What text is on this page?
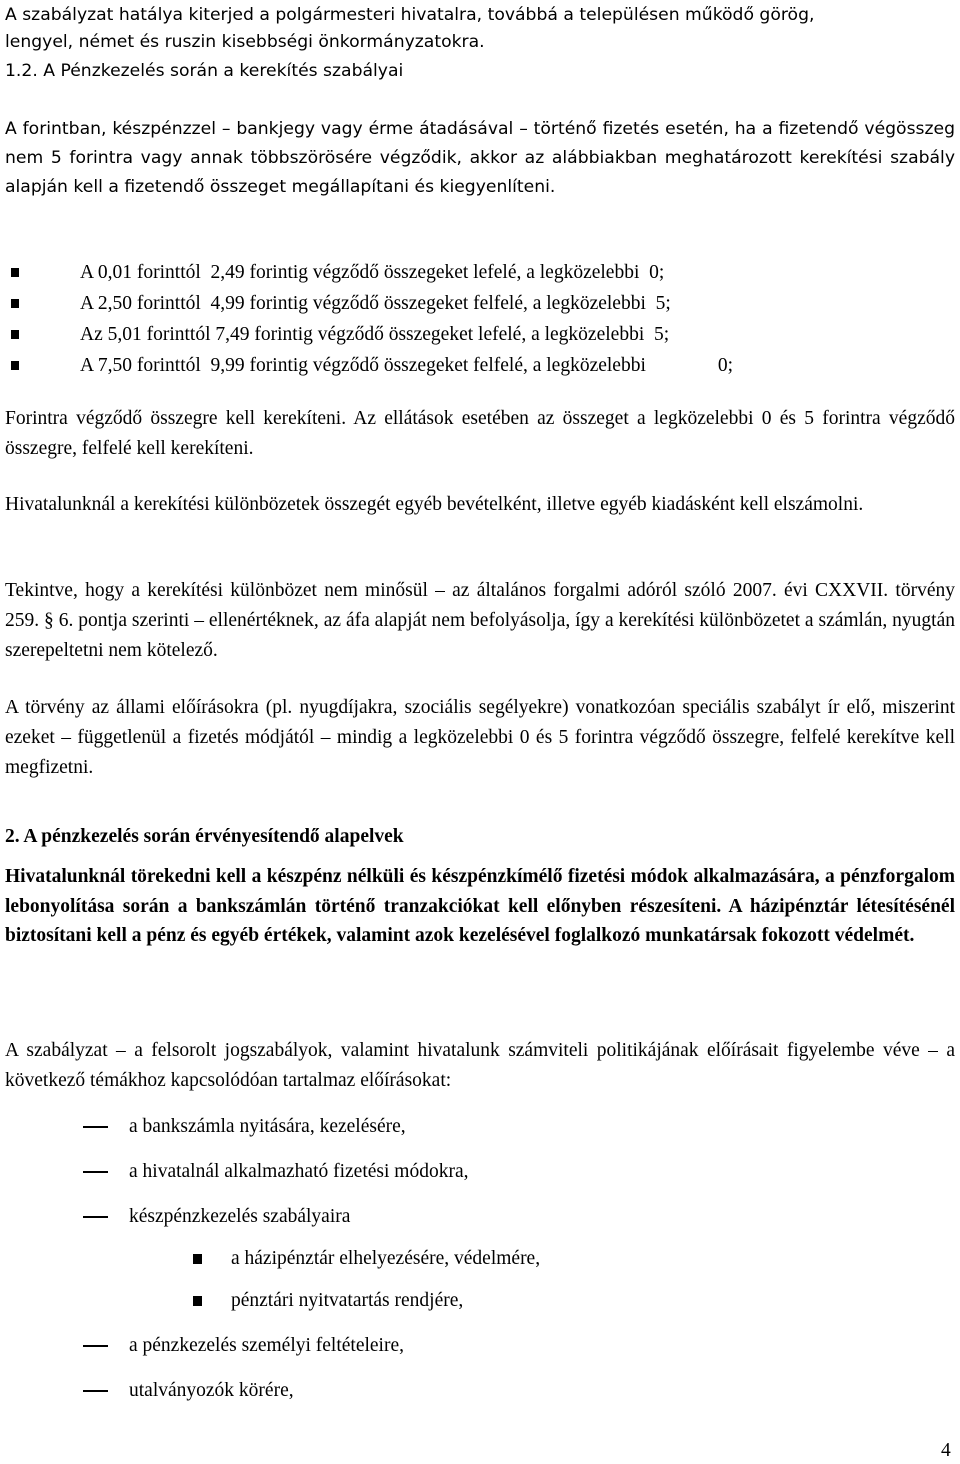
A szabályzat hatálya kiterjed a polgármesteri hivatalra, továbbá a településen működő görög,
lengyel, német és ruszin kisebbségi önkormányzatokra.
1.2. A Pénzkezelés során a kerekítés szabályai
A forintban, készpénzzel – bankjegy vagy érme átadásával – történő fizetés esetén, ha a fizetendő végösszeg nem 5 forintra vagy annak többszörösére végződik, akkor az alábbiakban meghatározott kerekítési szabály alapján kell a fizetendő összeget megállapítani és kiegyenlíteni.
A 0,01 forinttól  2,49 forintig végződő összegeket lefelé, a legközelebbi  0;
A 2,50 forinttól  4,99 forintig végződő összegeket felfelé, a legközelebbi  5;
Az 5,01 forinttól 7,49 forintig végződő összegeket lefelé, a legközelebbi  5;
A 7,50 forinttól  9,99 forintig végződő összegeket felfelé, a legközelebbi	0;

Forintra végződő összegre kell kerekíteni. Az ellátások esetében az összeget a legközelebbi 0 és 5 forintra végződő összegre, felfelé kell kerekíteni.

Hivatalunknál a kerekítési különbözetek összegét egyéb bevételként, illetve egyéb kiadásként kell elszámolni.

Tekintve, hogy a kerekítési különbözet nem minősül – az általános forgalmi adóról szóló 2007. évi CXXVII. törvény 259. § 6. pontja szerinti – ellenértéknek, az áfa alapját nem befolyásolja, így a kerekítési különbözetet a számlán, nyugtán szerepeltetni nem kötelező.

A törvény az állami előírásokra (pl. nyugdíjakra, szociális segélyekre) vonatkozóan speciális szabályt ír elő, miszerint ezeket – függetlenül a fizetés módjától – mindig a legközelebbi 0 és 5 forintra végződő összegre, felfelé kerekítve kell megfizetni.

2. A pénzkezelés során érvényesítendő alapelvek
Hivatalunknál törekedni kell a készpénz nélküli és készpénzkímélő fizetési módok alkalmazására, a pénzforgalom lebonyolítása során a bankszámlán történő tranzakciókat kell előnyben részesíteni. A házipénztár létesítésénél biztosítani kell a pénz és egyéb értékek, valamint azok kezelésével foglalkozó munkatársak fokozott védelmét.

A szabályzat – a felsorolt jogszabályok, valamint hivatalunk számviteli politikájának előírásait figyelembe véve – a következő témákhoz kapcsolódóan tartalmaz előírásokat:

a bankszámla nyitására, kezelésére,
a hivatalnál alkalmazható fizetési módokra,
készpénzkezelés szabályaira
a házipénztár elhelyezésére, védelmére,
pénztári nyitvatartás rendjére,
a pénzkezelés személyi feltételeire,
utalványozók körére,
4
